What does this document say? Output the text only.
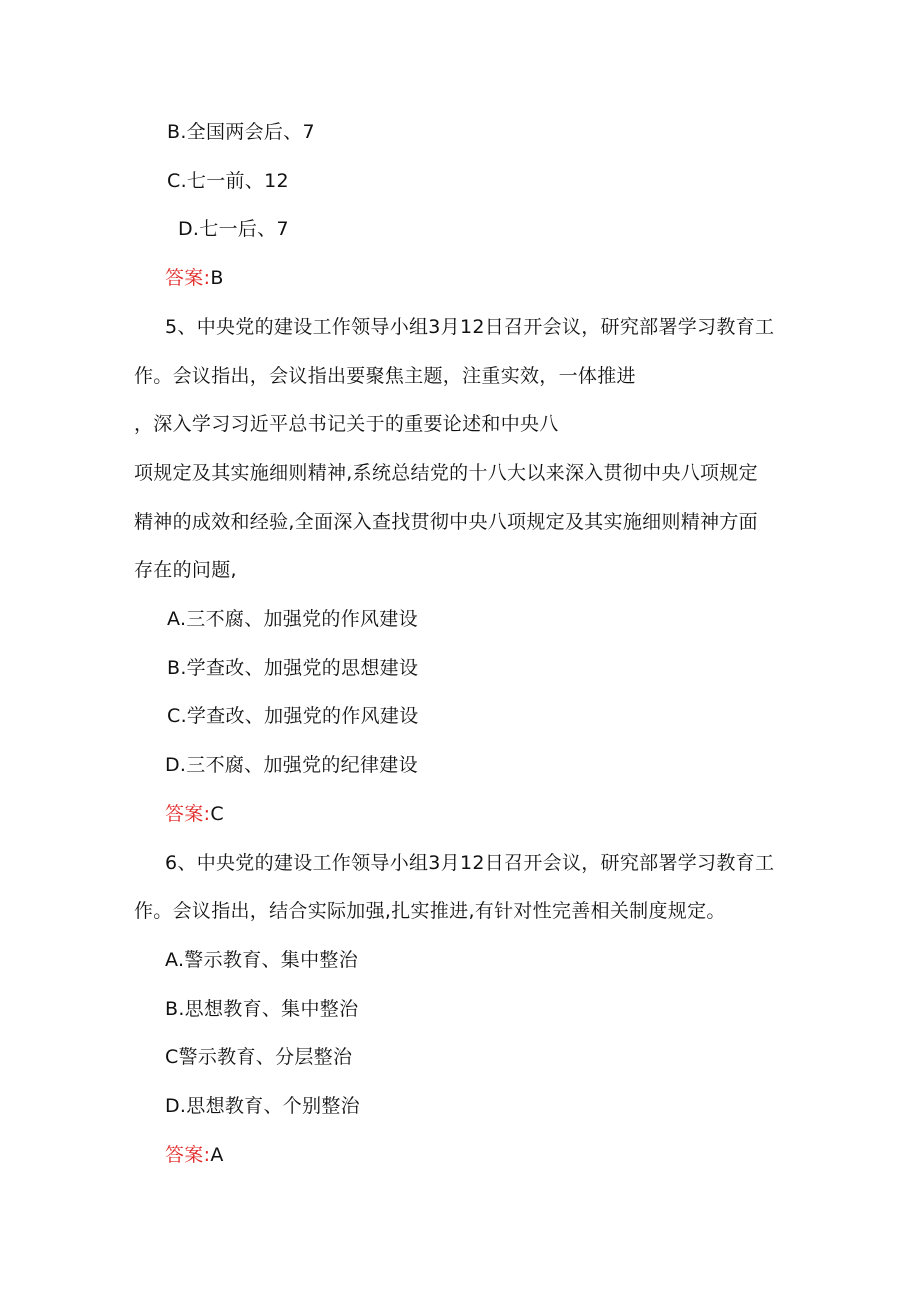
B.全国两会后、7
C.七一前、12
D.七一后、7
答案:B
5、中央党的建设工作领导小组3月12日召开会议，研究部署学习教育工
作。会议指出，会议指出要聚焦主题，注重实效，一体推进
，深入学习习近平总书记关于的重要论述和中央八
项规定及其实施细则精神,系统总结党的十八大以来深入贯彻中央八项规定
精神的成效和经验,全面深入查找贯彻中央八项规定及其实施细则精神方面
存在的问题,
A.三不腐、加强党的作风建设
B.学查改、加强党的思想建设
C.学查改、加强党的作风建设
D.三不腐、加强党的纪律建设
答案:C
6、中央党的建设工作领导小组3月12日召开会议，研究部署学习教育工
作。会议指出，结合实际加强,扎实推进,有针对性完善相关制度规定。
A.警示教育、集中整治
B.思想教育、集中整治
C警示教育、分层整治
D.思想教育、个别整治
答案:A
